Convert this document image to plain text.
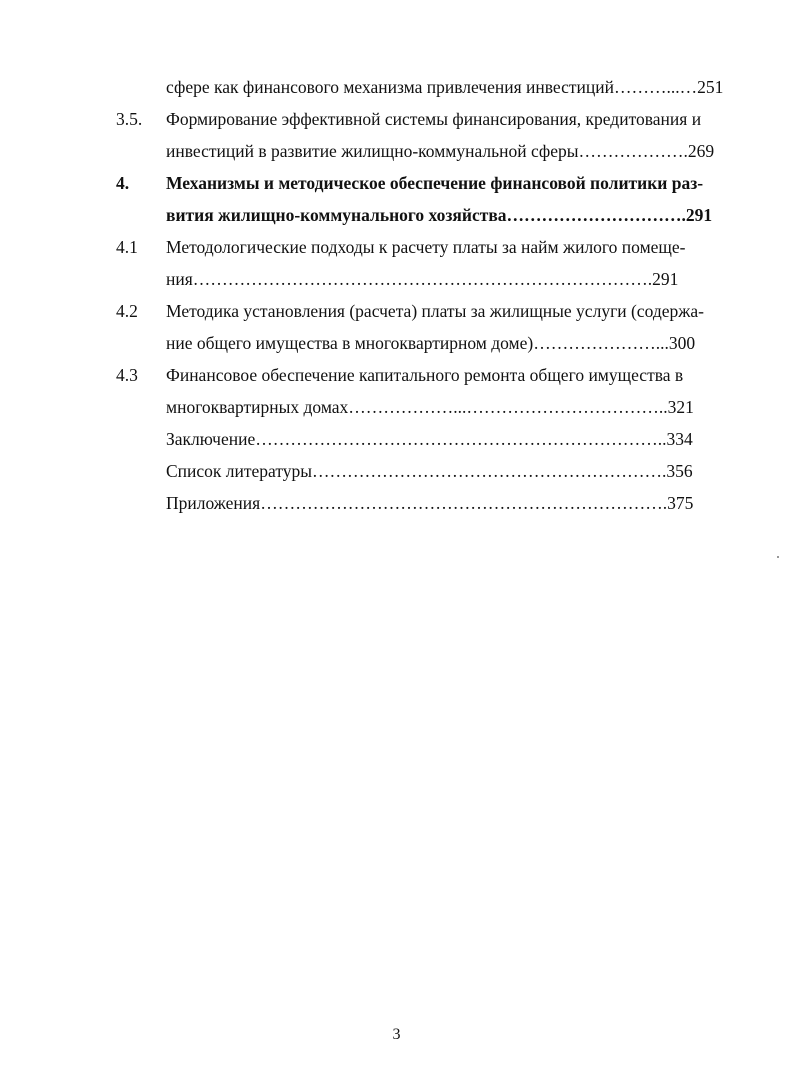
сфере как финансового механизма привлечения инвестиций………...…251
3.5. Формирование эффективной системы финансирования, кредитования и
инвестиций в развитие жилищно-коммунальной сферы……………….269
4. Механизмы и методическое обеспечение финансовой политики раз-
вития жилищно-коммунального хозяйства………………………….291
4.1 Методологические подходы к расчету платы за найм жилого помеще-
ния…………………………………………………………………….291
4.2 Методика установления (расчета) платы за жилищные услуги (содержа-
ние общего имущества в многоквартирном доме)…………………...300
4.3 Финансовое обеспечение капитального ремонта общего имущества в
многоквартирных домах………………...……………………………..321
Заключение……………………………………………………………..334
Список литературы…………………………………………………….356
Приложения…………………………………………………………….375
3
